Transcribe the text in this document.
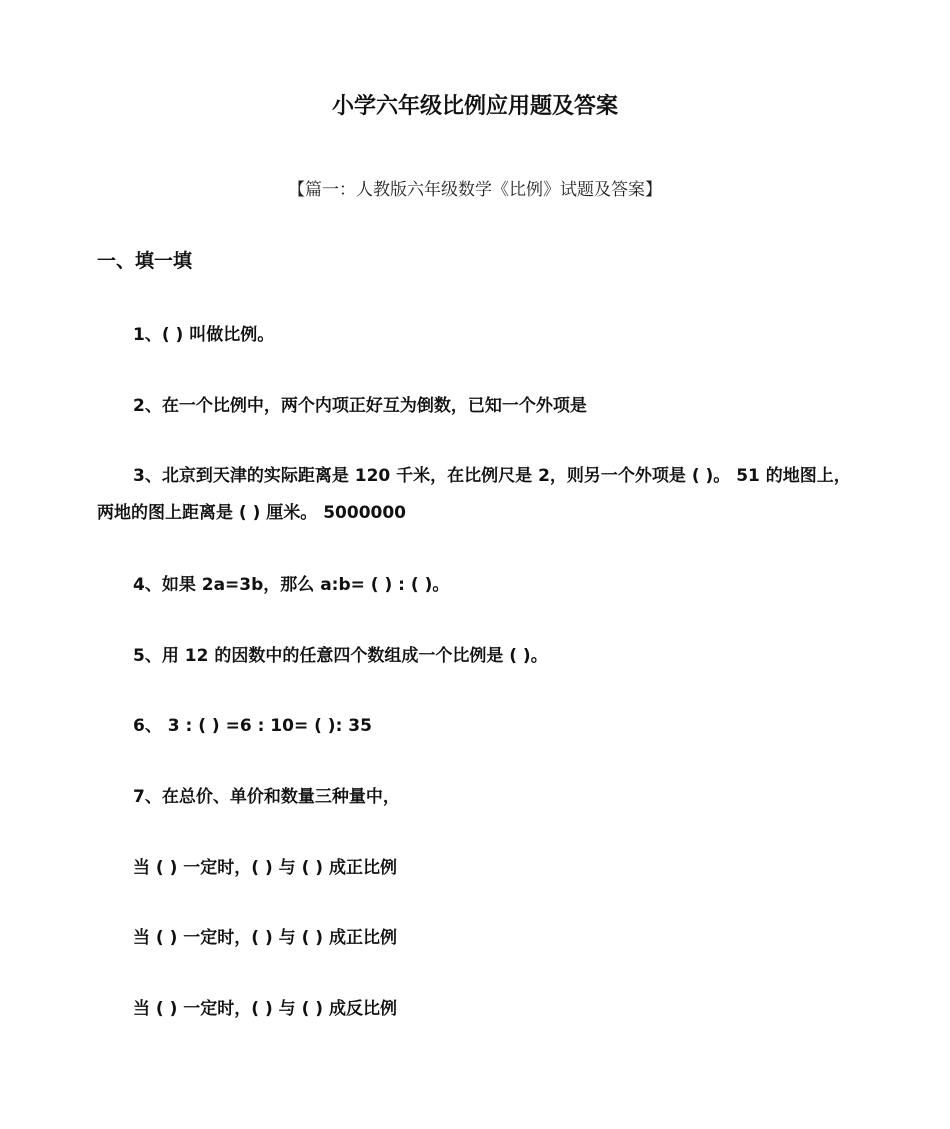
小学六年级比例应用题及答案
【篇一：人教版六年级数学《比例》试题及答案】
一、填一填
1、( ) 叫做比例。
2、在一个比例中，两个内项正好互为倒数，已知一个外项是
3、北京到天津的实际距离是 120 千米，在比例尺是 2，则另一个外项是 ( )。 51 的地图上，两地的图上距离是 ( ) 厘米。 5000000
4、如果 2a=3b，那么 a:b= ( ) : ( )。
5、用 12 的因数中的任意四个数组成一个比例是 ( )。
6、 3 : ( ) =6 : 10= ( ): 35
7、在总价、单价和数量三种量中，
当 ( ) 一定时，( ) 与 ( ) 成正比例
当 ( ) 一定时，( ) 与 ( ) 成正比例
当 ( ) 一定时，( ) 与 ( ) 成反比例
